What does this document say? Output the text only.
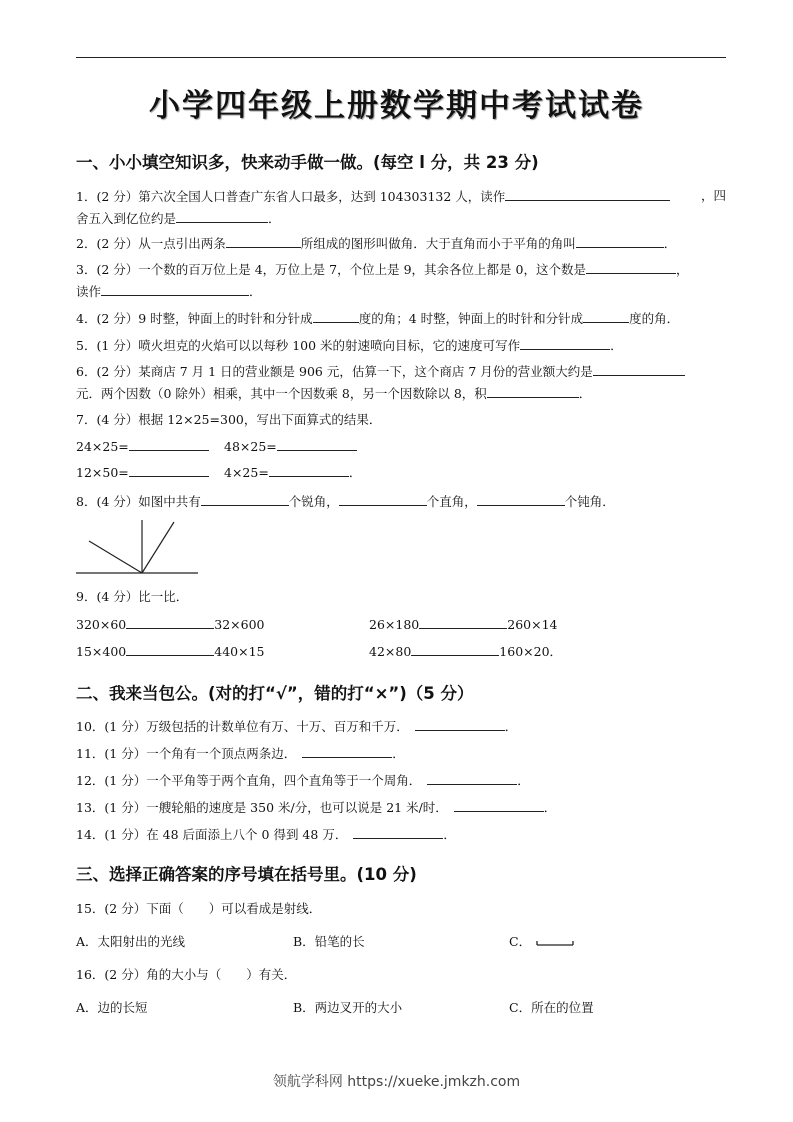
小学四年级上册数学期中考试试卷
一、小小填空知识多，快来动手做一做。(每空 l 分，共 23 分)
1．(2 分）第六次全国人口普查广东省人口最多，达到 104303132 人，读作	，四
舍五入到亿位约是	．
2．(2 分）从一点引出两条	所组成的图形叫做角．大于直角而小于平角的角叫	．
3．(2 分）一个数的百万位上是 4，万位上是 7，个位上是 9，其余各位上都是 0，这个数是	，
读作	．
4．(2 分）9 时整，钟面上的时针和分针成	度的角；4 时整，钟面上的时针和分针成	度的角．
5．(1 分）喷火坦克的火焰可以以每秒 100 米的射速喷向目标，它的速度可写作	．
6．(2 分）某商店 7 月 1 日的营业额是 906 元，估算一下，这个商店 7 月份的营业额大约是
元．两个因数（0 除外）相乘，其中一个因数乘 8，另一个因数除以 8，积	．
7．(4 分）根据 12×25=300，写出下面算式的结果．
24×25=	48×25=
12×50=	4×25=	．
8．(4 分）如图中共有	个锐角，	个直角，	个钝角．
9．(4 分）比一比．
320×60	32×600	26×180	260×14
15×400	440×15	42×80	160×20．
二、我来当包公。(对的打“√”，错的打“×”)（5 分）
10．(1 分）万级包括的计数单位有万、十万、百万和千万．	．
11．(1 分）一个角有一个顶点两条边．	．
12．(1 分）一个平角等于两个直角，四个直角等于一个周角．	．
13．(1 分）一艘轮船的速度是 350 米/分，也可以说是 21 米/时．	．
14．(1 分）在 48 后面添上八个 0 得到 48 万．	．
三、选择正确答案的序号填在括号里。(10 分)
15．(2 分）下面（　　）可以看成是射线．
A．太阳射出的光线	B．铅笔的长	C．
16．(2 分）角的大小与（　　）有关．
A．边的长短	B．两边叉开的大小	C．所在的位置
领航学科网 https://xueke.jmkzh.com
